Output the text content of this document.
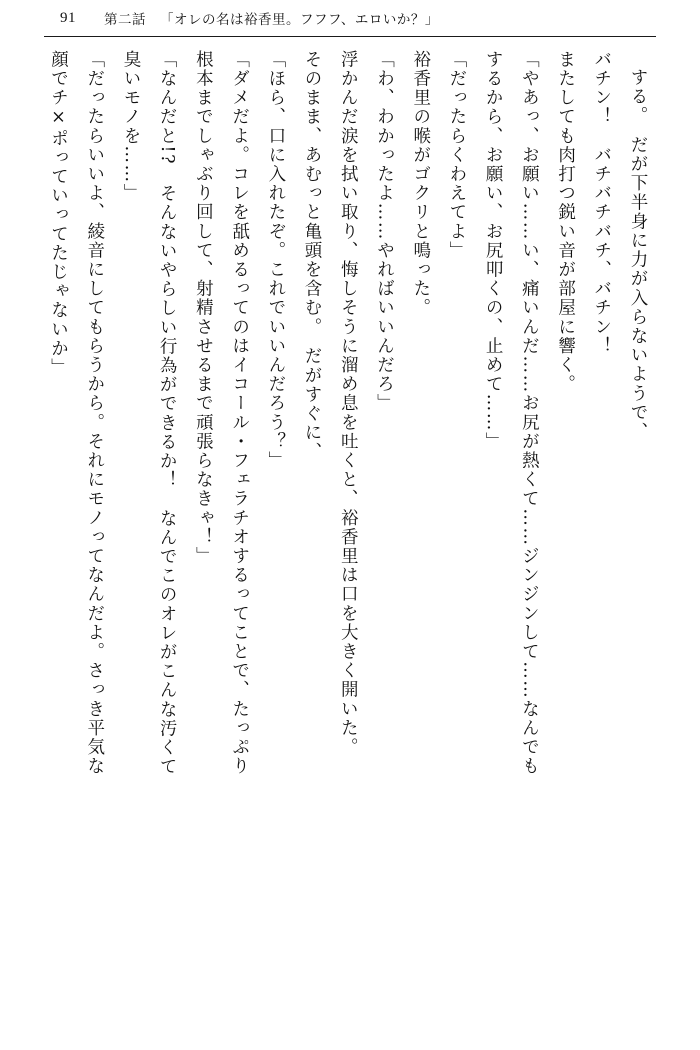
91 第二話 「オレの名は裕香里。フフフ、エロいか？」

する。　だが下半身に力が入らないようで、

バチン！　バチバチバチ、バチン！

またしても肉打つ鋭い音が部屋に響く。

「やあっ、お願い……い、痛いんだ……お尻が熱くて……ジンジンして……なんでも

するから、お願い、お尻叩くの、止めて……」

「だったらくわえてよ」

裕香里の喉がゴクリと鳴った。

「わ、わかったよ……やればいいんだろ」

浮かんだ涙を拭い取り、悔しそうに溜め息を吐くと、裕香里は口を大きく開いた。

そのまま、あむっと亀頭を含む。　だがすぐに、

「ほら、口に入れたぞ。これでいいんだろう？」

「ダメだよ。コレを舐めるってのはイコール・フェラチオするってことで、たっぷり

根本までしゃぶり回して、射精させるまで頑張らなきゃ！」

「なんだと!?　そんないやらしい行為ができるか！　なんでこのオレがこんな汚くて

臭いモノを……」

「だったらいいよ、綾音にしてもらうから。それにモノってなんだよ。さっき平気な

顔でチ×ポっていってたじゃないか」
